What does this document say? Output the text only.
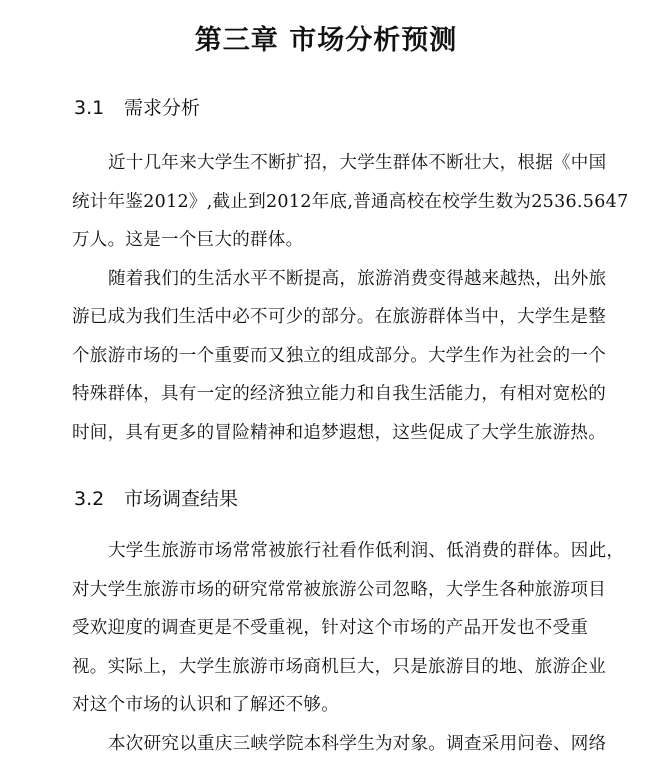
第三章 市场分析预测
3.1 需求分析
近十几年来大学生不断扩招，大学生群体不断壮大，根据《中国
统计年鉴2012》,截止到2012年底,普通高校在校学生数为2536.5647
万人。这是一个巨大的群体。
随着我们的生活水平不断提高，旅游消费变得越来越热，出外旅
游已成为我们生活中必不可少的部分。在旅游群体当中，大学生是整
个旅游市场的一个重要而又独立的组成部分。大学生作为社会的一个
特殊群体，具有一定的经济独立能力和自我生活能力，有相对宽松的
时间，具有更多的冒险精神和追梦遐想，这些促成了大学生旅游热。
3.2 市场调查结果
大学生旅游市场常常被旅行社看作低利润、低消费的群体。因此，
对大学生旅游市场的研究常常被旅游公司忽略，大学生各种旅游项目
受欢迎度的调查更是不受重视，针对这个市场的产品开发也不受重
视。实际上，大学生旅游市场商机巨大，只是旅游目的地、旅游企业
对这个市场的认识和了解还不够。
本次研究以重庆三峡学院本科学生为对象。调查采用问卷、网络
